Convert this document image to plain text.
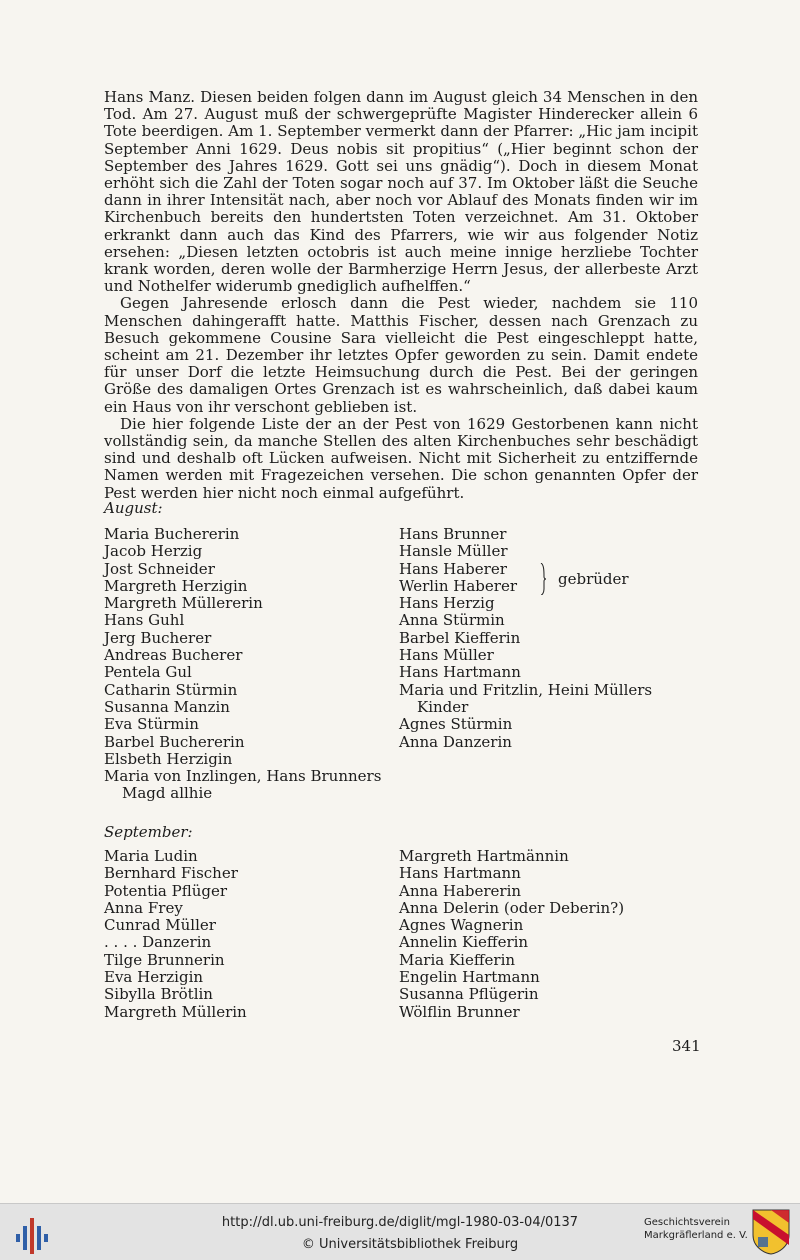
Hans Manz. Diesen beiden folgen dann im August gleich 34 Menschen in den Tod. Am 27. August muß der schwergeprüfte Magister Hinderecker allein 6 Tote beerdigen. Am 1. September vermerkt dann der Pfarrer: „Hic jam incipit September Anni 1629. Deus nobis sit propitius“ („Hier beginnt schon der September des Jahres 1629. Gott sei uns gnädig“). Doch in diesem Monat erhöht sich die Zahl der Toten sogar noch auf 37. Im Oktober läßt die Seuche dann in ihrer Intensität nach, aber noch vor Ablauf des Monats finden wir im Kirchenbuch bereits den hundertsten Toten verzeichnet. Am 31. Oktober erkrankt dann auch das Kind des Pfarrers, wie wir aus folgender Notiz ersehen: „Diesen letzten octobris ist auch meine innige herzliebe Tochter krank worden, deren wolle der Barmherzige Herrn Jesus, der allerbeste Arzt und Nothelfer widerumb gnediglich aufhelffen.“

Gegen Jahresende erlosch dann die Pest wieder, nachdem sie 110 Menschen dahingerafft hatte. Matthis Fischer, dessen nach Grenzach zu Besuch gekommene Cousine Sara vielleicht die Pest eingeschleppt hatte, scheint am 21. Dezember ihr letztes Opfer geworden zu sein. Damit endete für unser Dorf die letzte Heimsuchung durch die Pest. Bei der geringen Größe des damaligen Ortes Grenzach ist es wahrscheinlich, daß dabei kaum ein Haus von ihr verschont geblieben ist.

Die hier folgende Liste der an der Pest von 1629 Gestorbenen kann nicht vollständig sein, da manche Stellen des alten Kirchenbuches sehr beschädigt sind und deshalb oft Lücken aufweisen. Nicht mit Sicherheit zu entziffernde Namen werden mit Fragezeichen versehen. Die schon genannten Opfer der Pest werden hier nicht noch einmal aufgeführt.

August:
Maria Buchererin
Jacob Herzig
Jost Schneider
Margreth Herzigin
Margreth Müllererin
Hans Guhl
Jerg Bucherer
Andreas Bucherer
Pentela Gul
Catharin Stürmin
Susanna Manzin
Eva Stürmin
Barbel Buchererin
Elsbeth Herzigin
Maria von Inzlingen, Hans Brunners
Magd allhie
Hans Brunner
Hansle Müller
Hans Haberer
Werlin Haberer
Hans Herzig
Anna Stürmin
Barbel Kiefferin
Hans Müller
Hans Hartmann
Maria und Fritzlin, Heini Müllers
Kinder
Agnes Stürmin
Anna Danzerin
gebrüder
September:
Maria Ludin
Bernhard Fischer
Potentia Pflüger
Anna Frey
Cunrad Müller
. . . . Danzerin
Tilge Brunnerin
Eva Herzigin
Sibylla Brötlin
Margreth Müllerin
Margreth Hartmännin
Hans Hartmann
Anna Habererin
Anna Delerin (oder Deberin?)
Agnes Wagnerin
Annelin Kiefferin
Maria Kiefferin
Engelin Hartmann
Susanna Pflügerin
Wölflin Brunner
341
http://dl.ub.uni-freiburg.de/diglit/mgl-1980-03-04/0137
© Universitätsbibliothek Freiburg
Geschichtsverein
Markgräflerland e. V.
